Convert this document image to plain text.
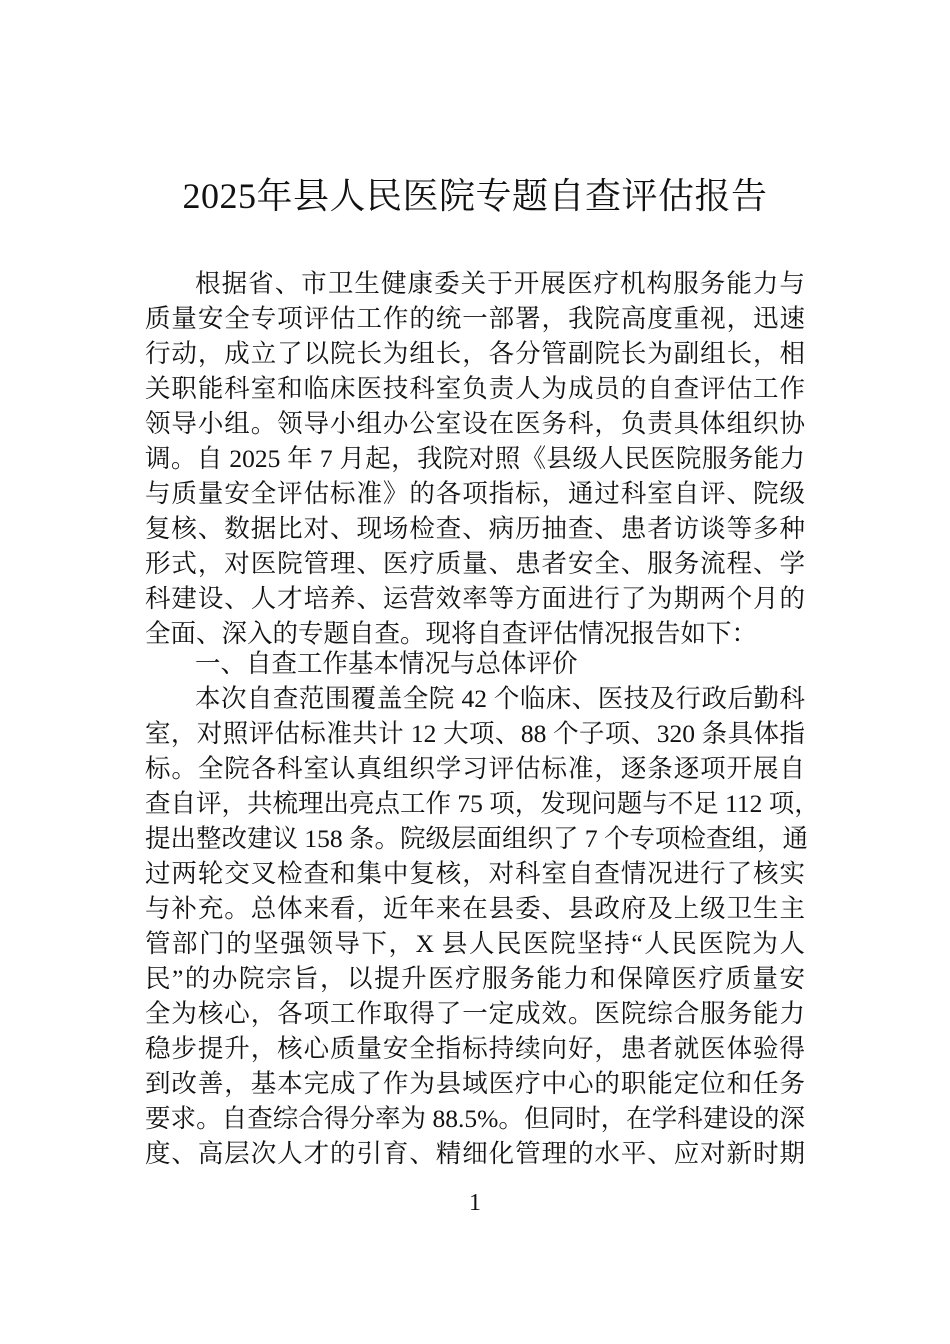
2025年县人民医院专题自查评估报告
根据省、市卫生健康委关于开展医疗机构服务能力与
质量安全专项评估工作的统一部署，我院高度重视，迅速
行动，成立了以院长为组长，各分管副院长为副组长，相
关职能科室和临床医技科室负责人为成员的自查评估工作
领导小组。领导小组办公室设在医务科，负责具体组织协
调。自 2025 年 7 月起，我院对照《县级人民医院服务能力
与质量安全评估标准》的各项指标，通过科室自评、院级
复核、数据比对、现场检查、病历抽查、患者访谈等多种
形式，对医院管理、医疗质量、患者安全、服务流程、学
科建设、人才培养、运营效率等方面进行了为期两个月的
全面、深入的专题自查。现将自查评估情况报告如下：
一、自查工作基本情况与总体评价
本次自查范围覆盖全院 42 个临床、医技及行政后勤科
室，对照评估标准共计 12 大项、88 个子项、320 条具体指
标。全院各科室认真组织学习评估标准，逐条逐项开展自
查自评，共梳理出亮点工作 75 项，发现问题与不足 112 项，
提出整改建议 158 条。院级层面组织了 7 个专项检查组，通
过两轮交叉检查和集中复核，对科室自查情况进行了核实
与补充。总体来看，近年来在县委、县政府及上级卫生主
管部门的坚强领导下，X 县人民医院坚持“人民医院为人
民”的办院宗旨，以提升医疗服务能力和保障医疗质量安
全为核心，各项工作取得了一定成效。医院综合服务能力
稳步提升，核心质量安全指标持续向好，患者就医体验得
到改善，基本完成了作为县域医疗中心的职能定位和任务
要求。自查综合得分率为 88.5%。但同时，在学科建设的深
度、高层次人才的引育、精细化管理的水平、应对新时期
1
